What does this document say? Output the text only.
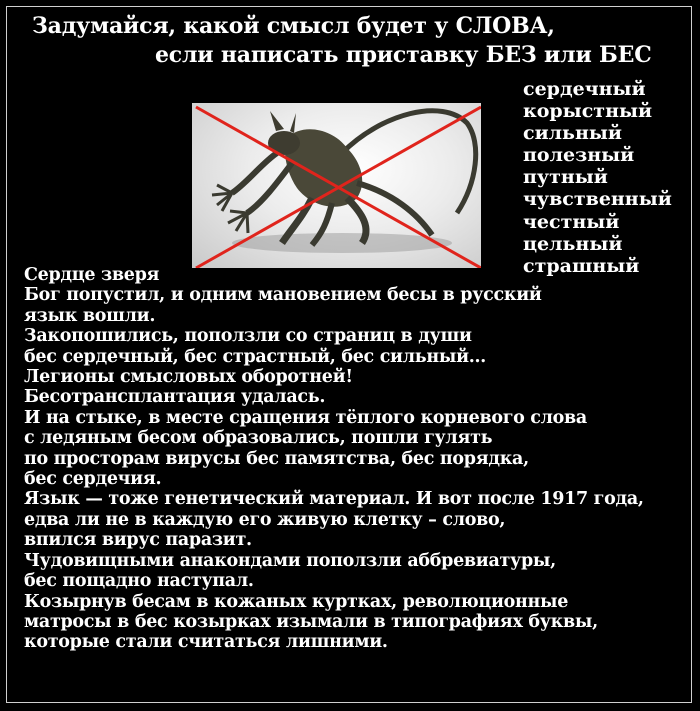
Задумайся, какой смысл будет у СЛОВА,

если написать приставку БЕЗ или БЕС

сердечный
корыстный
сильный
полезный
путный
чувственный
честный
цельный
страшный
Сердце зверя
Бог попустил, и одним мановением бесы в русский
язык вошли.
Закопошились, поползли со страниц в души
бес сердечный, бес страстный, бес сильный…
Легионы смысловых оборотней!
Бесотрансплантация удалась.
И на стыке, в месте сращения тёплого корневого слова
с ледяным бесом образовались, пошли гулять
по просторам вирусы бес памятства, бес порядка,
бес сердечия.
Язык — тоже генетический материал. И вот после 1917 года,
едва ли не в каждую его живую клетку – слово,
впился вирус паразит.
Чудовищными анакондами поползли аббревиатуры,
бес пощадно наступал.
Козырнув бесам в кожаных куртках, революционные
матросы в бес козырках изымали в типографиях буквы,
которые стали считаться лишними.
